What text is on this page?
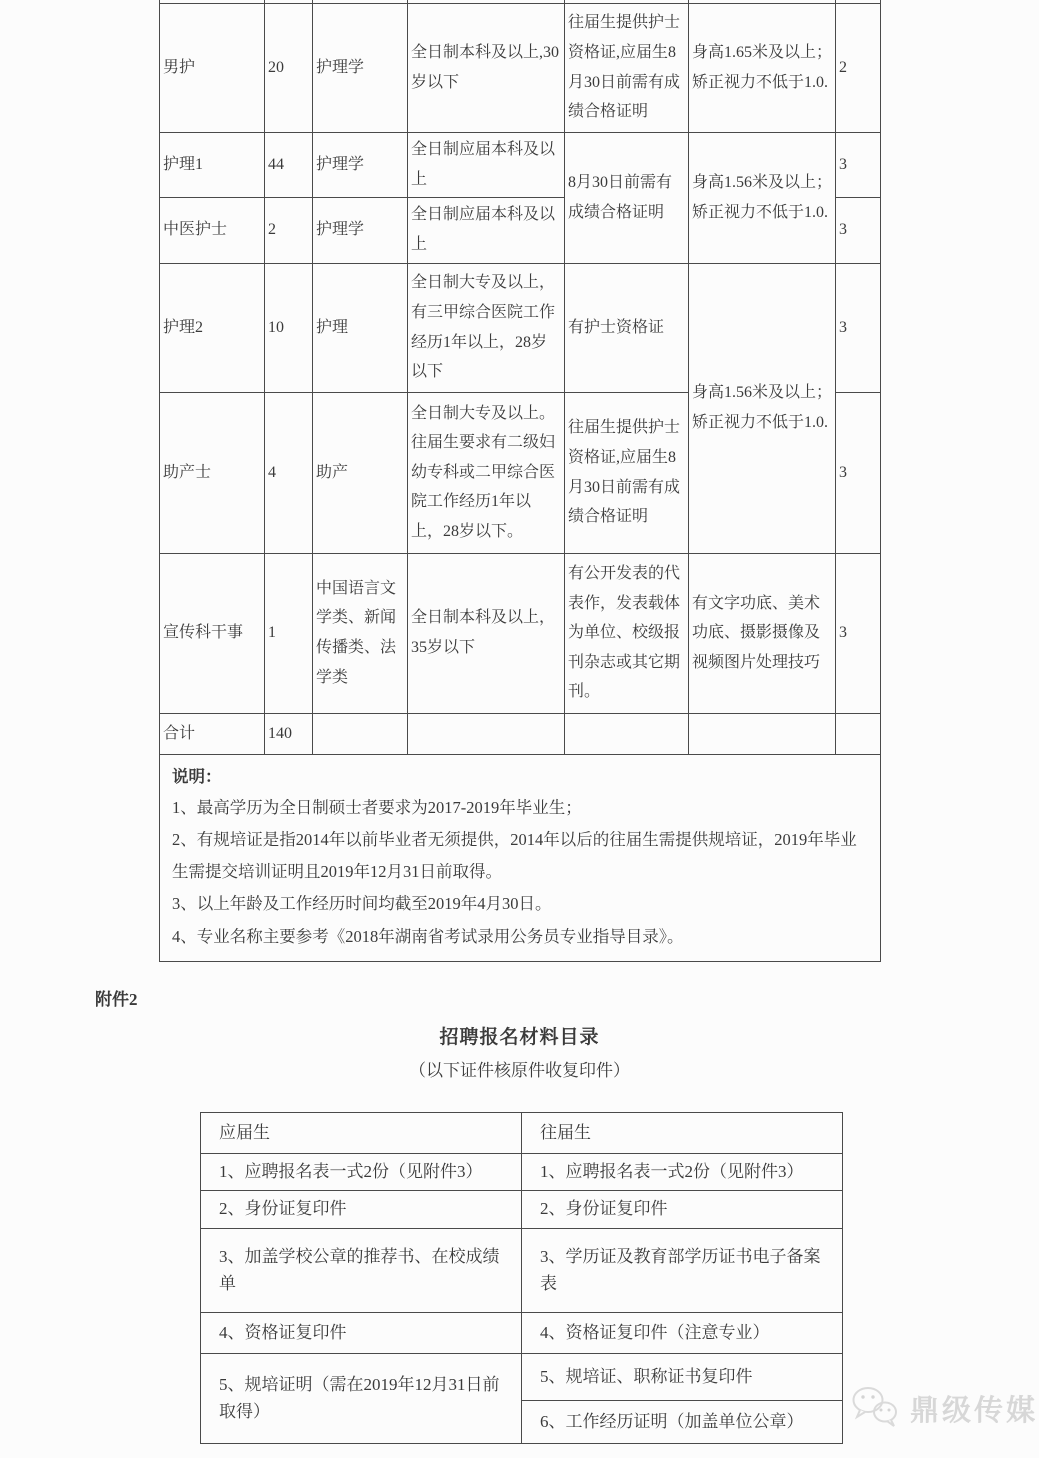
男护	20	护理学	全日制本科及以上,30岁以下	往届生提供护士资格证,应届生8月30日前需有成绩合格证明	身高1.65米及以上；矫正视力不低于1.0.	2
护理1	44	护理学	全日制应届本科及以上	8月30日前需有成绩合格证明	身高1.56米及以上；矫正视力不低于1.0.	3
中医护士	2	护理学	全日制应届本科及以上			3
护理2	10	护理	全日制大专及以上，有三甲综合医院工作经历1年以上，28岁以下	有护士资格证	身高1.56米及以上；矫正视力不低于1.0.	3
助产士	4	助产	全日制大专及以上。往届生要求有二级妇幼专科或二甲综合医院工作经历1年以上，28岁以下。	往届生提供护士资格证,应届生8月30日前需有成绩合格证明		3
宣传科干事	1	中国语言文学类、新闻传播类、法学类	全日制本科及以上，35岁以下	有公开发表的代表作，发表载体为单位、校级报刊杂志或其它期刊。	有文字功底、美术功底、摄影摄像及视频图片处理技巧	3
合计	140					

说明：
1、最高学历为全日制硕士者要求为2017-2019年毕业生；
2、有规培证是指2014年以前毕业者无须提供，2014年以后的往届生需提供规培证，2019年毕业生需提交培训证明且2019年12月31日前取得。
3、以上年龄及工作经历时间均截至2019年4月30日。
4、专业名称主要参考《2018年湖南省考试录用公务员专业指导目录》。						
附件2
招聘报名材料目录
（以下证件核原件收复印件）
应届生	往届生
1、应聘报名表一式2份（见附件3）	1、应聘报名表一式2份（见附件3）
2、身份证复印件	2、身份证复印件
3、加盖学校公章的推荐书、在校成绩单	3、学历证及教育部学历证书电子备案表
4、资格证复印件	4、资格证复印件（注意专业）
5、规培证明（需在2019年12月31日前取得）	5、规培证、职称证书复印件
	6、工作经历证明（加盖单位公章）	鼎级传媒
